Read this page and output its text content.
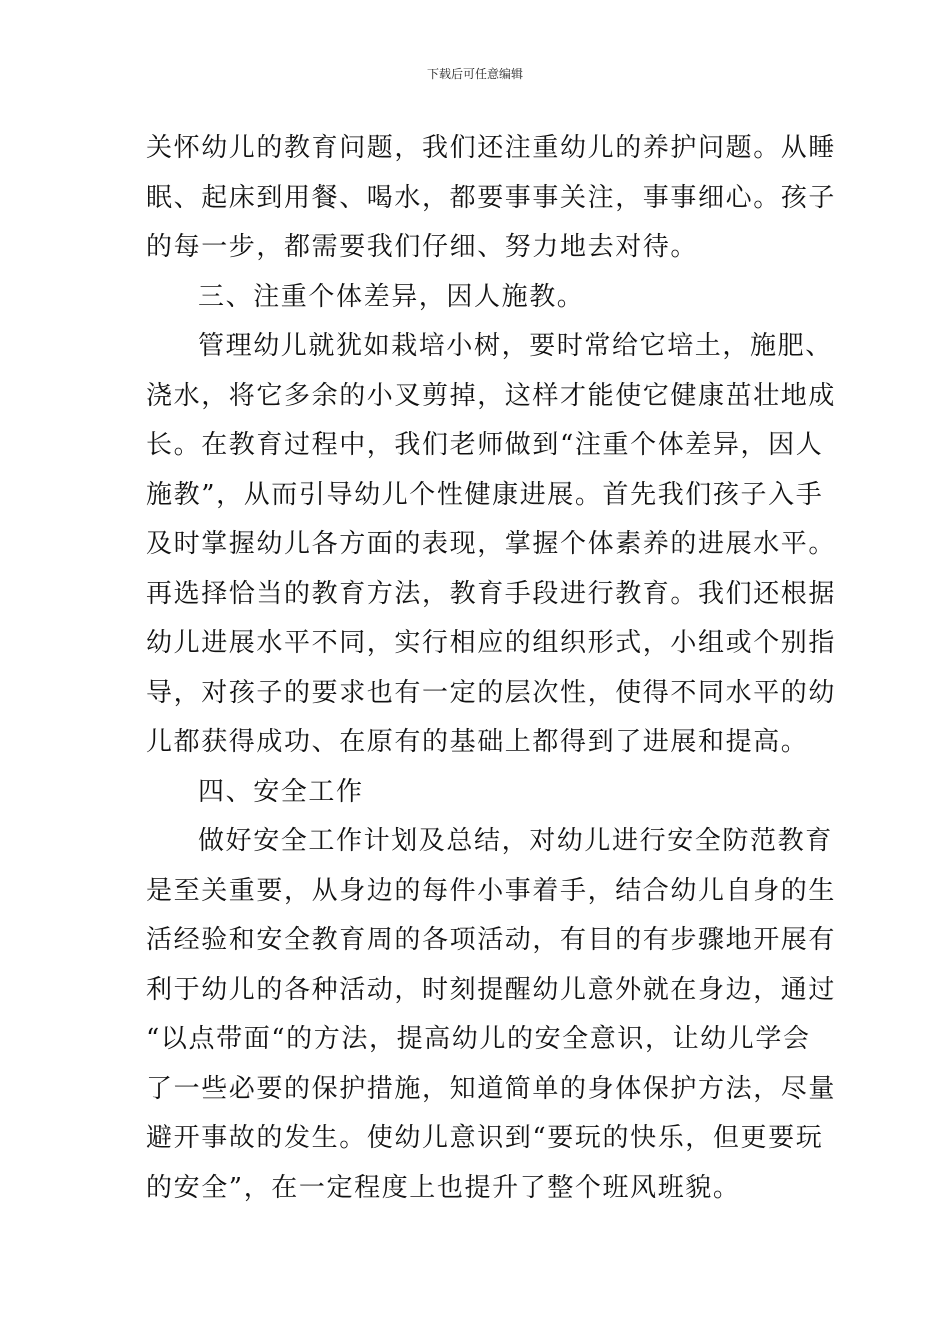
下载后可任意编辑
关怀幼儿的教育问题，我们还注重幼儿的养护问题。从睡
眠、起床到用餐、喝水，都要事事关注，事事细心。孩子
的每一步，都需要我们仔细、努力地去对待。
三、注重个体差异，因人施教。
管理幼儿就犹如栽培小树，要时常给它培土，施肥、
浇水，将它多余的小叉剪掉，这样才能使它健康茁壮地成
长。在教育过程中，我们老师做到“注重个体差异，因人
施教”，从而引导幼儿个性健康进展。首先我们孩子入手
及时掌握幼儿各方面的表现，掌握个体素养的进展水平。
再选择恰当的教育方法，教育手段进行教育。我们还根据
幼儿进展水平不同，实行相应的组织形式，小组或个别指
导，对孩子的要求也有一定的层次性，使得不同水平的幼
儿都获得成功、在原有的基础上都得到了进展和提高。
四、安全工作
做好安全工作计划及总结，对幼儿进行安全防范教育
是至关重要，从身边的每件小事着手，结合幼儿自身的生
活经验和安全教育周的各项活动，有目的有步骤地开展有
利于幼儿的各种活动，时刻提醒幼儿意外就在身边，通过
“以点带面“的方法，提高幼儿的安全意识，让幼儿学会
了一些必要的保护措施，知道简单的身体保护方法，尽量
避开事故的发生。使幼儿意识到“要玩的快乐，但更要玩
的安全”，在一定程度上也提升了整个班风班貌。
